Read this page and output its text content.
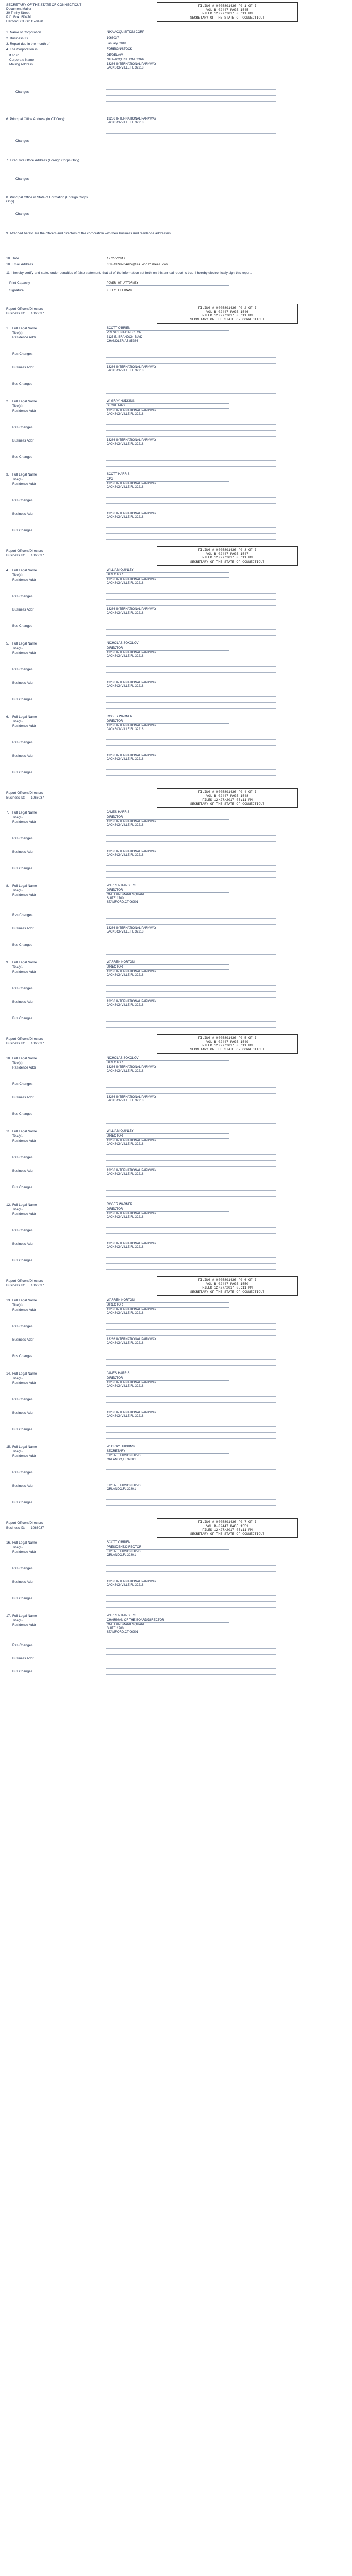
SECRETARY OF THE STATE OF CONNECTICUT
Document Mailer
30 Trinity Street
P.O. Box 150470
Hartford, CT 06115-0470
FILING # 0005891436 PG 1 OF 7
VOL B-02447 PAGE 1545
FILED 12/27/2017 05:11 PM
SECRETARY OF THE STATE OF CONNECTICUT
1. Name of Corporation	NIKA ACQUISITION CORP
2. Business ID	1066037
3. Report due in the month of	January, 2018
4. The Corporation is	FOREIGN/STOCK
If so in	DE/DELAW
Corporate Name	NIKA ACQUISITION CORP
Mailing Address	13286 INTERNATIONAL PARKWAY
JACKSONVILLE,FL 32218
Changes
6. Principal Office Address (in CT Only):	13286 INTERNATIONAL PARKWAY
JACKSONVILLE,FL 32218
Changes
7. Executive Office Address (Foreign Corps Only)
Changes
8. Principal Office in State of Formation (Foreign Corps Only)
Changes
9. Attached hereto are the officers and directors of the corporation with their business and residence addresses.
10. Date	12/27/2017
10. Email Address	CCP-CTSB-DAWRY@imalwoolfsbees.com
11. I hereby certify and state, under penalties of false statement, that all of the information set forth on this annual report is true. I hereby electronically sign this report.
Print Capacity	POWER OF ATTORNEY
Signature	KELLY LETTMANN
FILING # 0005891436 PG 2 OF 7
VOL B-02447 PAGE 1546
FILED 12/27/2017 05:11 PM
SECRETARY OF THE STATE OF CONNECTICUT
Report Officers/Directors
Business ID: 1066037
1. Full Legal Name	SCOTT O'BRIEN
Title(s)	PRESIDENT/DIRECTOR
Residence Addr	3125 E. BRANDON BLVD
CHANDLER,AZ 85286
Res Changes
Business Addr	13286 INTERNATIONAL PARKWAY
JACKSONVILLE,FL 32218
Bus Changes
2. Full Legal Name	W. GRAY HUDKINS
Title(s)	SECRETARY
Residence Addr	13286 INTERNATIONAL PARKWAY
JACKSONVILLE,FL 32218
Res Changes
Business Addr	13286 INTERNATIONAL PARKWAY
JACKSONVILLE,FL 32218
Bus Changes
3. Full Legal Name	SCOTT HARRIS
Title(s)	CFO
Residence Addr	13286 INTERNATIONAL PARKWAY
JACKSONVILLE,FL 32218
Res Changes
Business Addr	13286 INTERNATIONAL PARKWAY
JACKSONVILLE,FL 32218
Bus Changes
FILING # 0005891436 PG 3 OF 7
VOL B-02447 PAGE 1547
FILED 12/27/2017 05:11 PM
SECRETARY OF THE STATE OF CONNECTICUT
Report Officers/Directors
Business ID: 1066037
4. Full Legal Name	WILLIAM QUINLEY
Title(s)	DIRECTOR
Residence Addr	13286 INTERNATIONAL PARKWAY
JACKSONVILLE,FL 32218
Res Changes
Business Addr	13286 INTERNATIONAL PARKWAY
JACKSONVILLE,FL 32218
Bus Changes
5. Full Legal Name	NICHOLAS SOKOLOV
Title(s)	DIRECTOR
Residence Addr	13286 INTERNATIONAL PARKWAY
JACKSONVILLE,FL 32218
Res Changes
Business Addr	13286 INTERNATIONAL PARKWAY
JACKSONVILLE,FL 32218
Bus Changes
6. Full Legal Name	ROGER WARNER
Title(s)	DIRECTOR
Residence Addr	13286 INTERNATIONAL PARKWAY
JACKSONVILLE,FL 32218
Res Changes
Business Addr	13286 INTERNATIONAL PARKWAY
JACKSONVILLE,FL 32218
Bus Changes
FILING # 0005891436 PG 4 OF 7
VOL B-02447 PAGE 1548
FILED 12/27/2017 05:11 PM
SECRETARY OF THE STATE OF CONNECTICUT
Report Officers/Directors
Business ID: 1066037
7. Full Legal Name	JAMES HARRIS
Title(s)	DIRECTOR
Residence Addr	13286 INTERNATIONAL PARKWAY
JACKSONVILLE,FL 32218
Res Changes
Business Addr	13286 INTERNATIONAL PARKWAY
JACKSONVILLE,FL 32218
Bus Changes
8. Full Legal Name	WARREN KANDERS
Title(s)	DIRECTOR
Residence Addr	ONE LANDMARK SQUARE
SUITE 1700
STAMFORD,CT 06901
Res Changes
Business Addr	13286 INTERNATIONAL PARKWAY
JACKSONVILLE,FL 32218
Bus Changes
9. Full Legal Name	WARREN NORTON
Title(s)	DIRECTOR
Residence Addr	13286 INTERNATIONAL PARKWAY
JACKSONVILLE,FL 32218
Res Changes
Business Addr	13286 INTERNATIONAL PARKWAY
JACKSONVILLE,FL 32218
Bus Changes
FILING # 0005891436 PG 5 OF 7
VOL B-02447 PAGE 1549
FILED 12/27/2017 05:11 PM
SECRETARY OF THE STATE OF CONNECTICUT
Report Officers/Directors
Business ID: 1066037
10. Full Legal Name	NICHOLAS SOKOLOV
Title(s)	DIRECTOR
Residence Addr	13286 INTERNATIONAL PARKWAY
JACKSONVILLE,FL 32218
Res Changes
Business Addr	13286 INTERNATIONAL PARKWAY
JACKSONVILLE,FL 32218
Bus Changes
11. Full Legal Name	WILLIAM QUINLEY
Title(s)	DIRECTOR
Residence Addr	13286 INTERNATIONAL PARKWAY
JACKSONVILLE,FL 32218
Res Changes
Business Addr	13286 INTERNATIONAL PARKWAY
JACKSONVILLE,FL 32218
Bus Changes
12. Full Legal Name	ROGER WARNER
Title(s)	DIRECTOR
Residence Addr	13286 INTERNATIONAL PARKWAY
JACKSONVILLE,FL 32218
Res Changes
Business Addr	13286 INTERNATIONAL PARKWAY
JACKSONVILLE,FL 32218
Bus Changes
FILING # 0005891436 PG 6 OF 7
VOL B-02447 PAGE 1550
FILED 12/27/2017 05:11 PM
SECRETARY OF THE STATE OF CONNECTICUT
Report Officers/Directors
Business ID: 1066037
13. Full Legal Name	WARREN NORTON
Title(s)	DIRECTOR
Residence Addr	13286 INTERNATIONAL PARKWAY
JACKSONVILLE,FL 32218
Res Changes
Business Addr	13286 INTERNATIONAL PARKWAY
JACKSONVILLE,FL 32218
Bus Changes
14. Full Legal Name	JAMES HARRIS
Title(s)	DIRECTOR
Residence Addr	13286 INTERNATIONAL PARKWAY
JACKSONVILLE,FL 32218
Res Changes
Business Addr	13286 INTERNATIONAL PARKWAY
JACKSONVILLE,FL 32218
Bus Changes
15. Full Legal Name	W. GRAY HUDKINS
Title(s)	SECRETARY
Residence Addr	3120 N. HUDSON BLVD
ORLANDO,FL 32801
Res Changes
Business Addr	3120 N. HUDSON BLVD
ORLANDO,FL 32801
Bus Changes
FILING # 0005891436 PG 7 OF 7
VOL B-02447 PAGE 1551
FILED 12/27/2017 05:11 PM
SECRETARY OF THE STATE OF CONNECTICUT
Report Officers/Directors
Business ID: 1066037
16. Full Legal Name	SCOTT O'BRIEN
Title(s)	PRESIDENT/DIRECTOR
Residence Addr	3120 N. HUDSON BLVD
ORLANDO,FL 32801
Res Changes
Business Addr	13286 INTERNATIONAL PARKWAY
JACKSONVILLE,FL 32218
Bus Changes
17. Full Legal Name	WARREN KANDERS
Title(s)	CHAIRMAN OF THE BOARD/DIRECTOR
Residence Addr	ONE LANDMARK SQUARE
SUITE 1700
STAMFORD,CT 06901
Res Changes
Business Addr
Bus Changes
